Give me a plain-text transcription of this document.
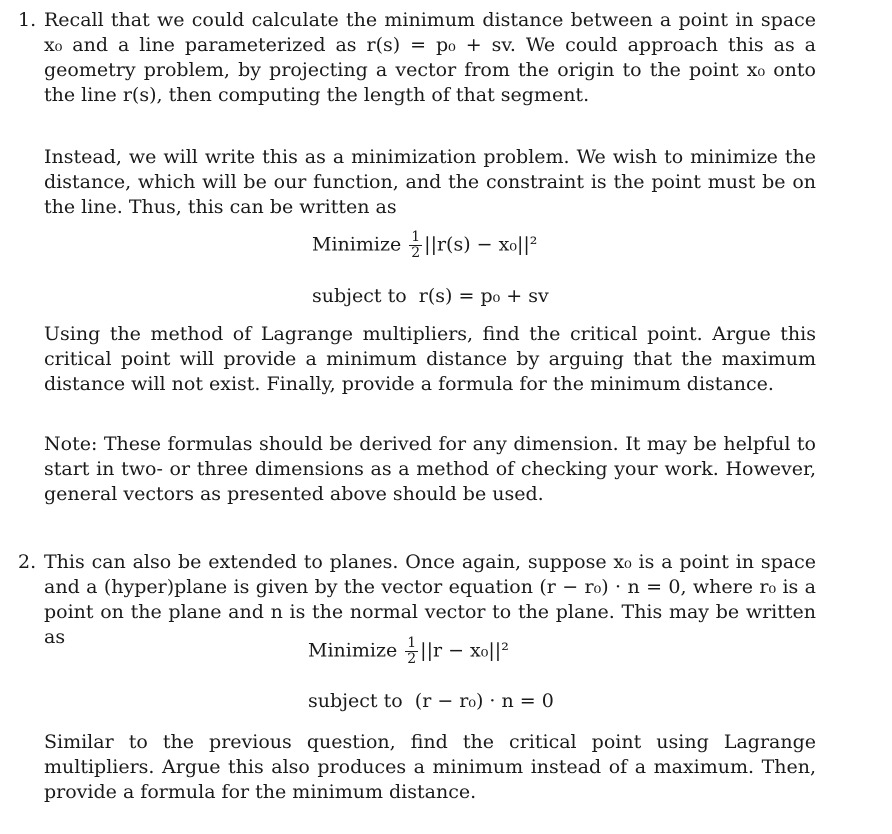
1. Recall that we could calculate the minimum distance between a point in space x₀ and a line parameterized as r(s) = p₀ + sv. We could approach this as a geometry problem, by projecting a vector from the origin to the point x₀ onto the line r(s), then computing the length of that segment.
Instead, we will write this as a minimization problem. We wish to minimize the distance, which will be our function, and the constraint is the point must be on the line. Thus, this can be written as
Minimize $\frac{1}{2} ||r(s) - x_0||^2$
subject to r(s) = p₀ + sv
Using the method of Lagrange multipliers, find the critical point. Argue this critical point will provide a minimum distance by arguing that the maximum distance will not exist. Finally, provide a formula for the minimum distance.
Note: These formulas should be derived for any dimension. It may be helpful to start in two- or three dimensions as a method of checking your work. However, general vectors as presented above should be used.
2. This can also be extended to planes. Once again, suppose x₀ is a point in space and a (hyper)plane is given by the vector equation (r − r₀) · n = 0, where r₀ is a point on the plane and n is the normal vector to the plane. This may be written as
Minimize $\frac{1}{2} ||r - x_0||^2$
subject to (r − r₀) · n = 0
Similar to the previous question, find the critical point using Lagrange multipliers. Argue this also produces a minimum instead of a maximum. Then, provide a formula for the minimum distance.
